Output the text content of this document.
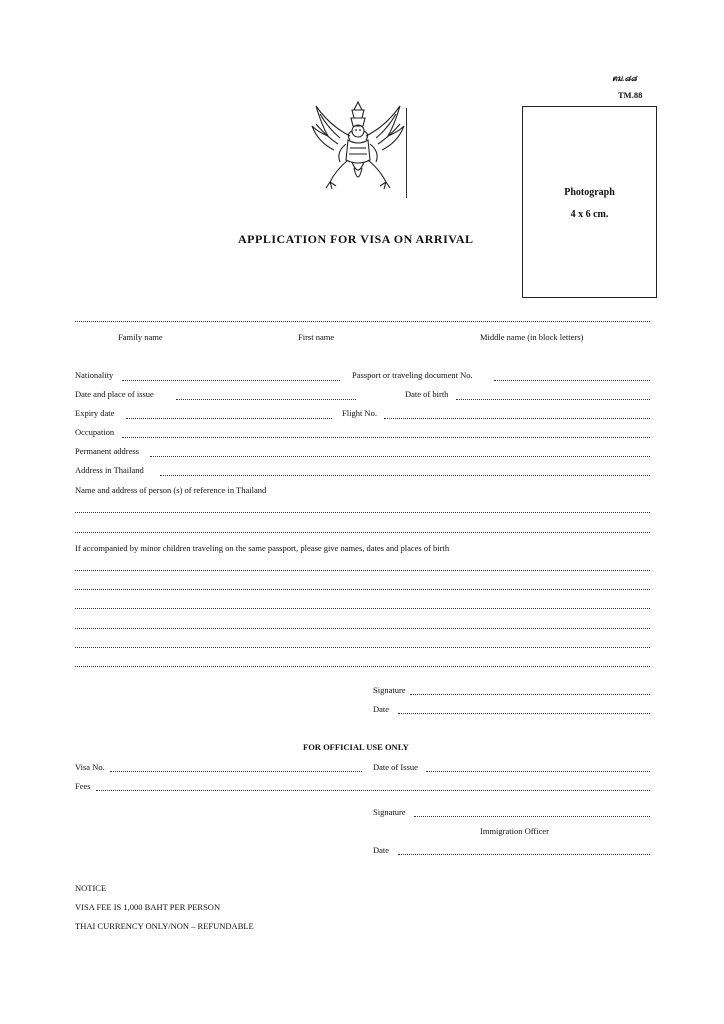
ตม.๘๘
TM.88
Photograph
4 x 6 cm.
APPLICATION FOR VISA ON ARRIVAL
Family name	First name	Middle name (in block letters)
Nationality	Passport or traveling document No.
Date and place of issue	Date of birth
Expiry date	Flight No.
Occupation
Permanent address
Address in Thailand
Name and address of person (s) of reference in Thailand
If accompanied by minor children traveling on the same passport, please give names, dates and places of birth
Signature
Date
FOR OFFICIAL USE ONLY
Visa No.	Date of Issue
Fees
Signature
Immigration Officer
Date
NOTICE
VISA FEE IS 1,000 BAHT PER PERSON
THAI CURRENCY ONLY/NON – REFUNDABLE
